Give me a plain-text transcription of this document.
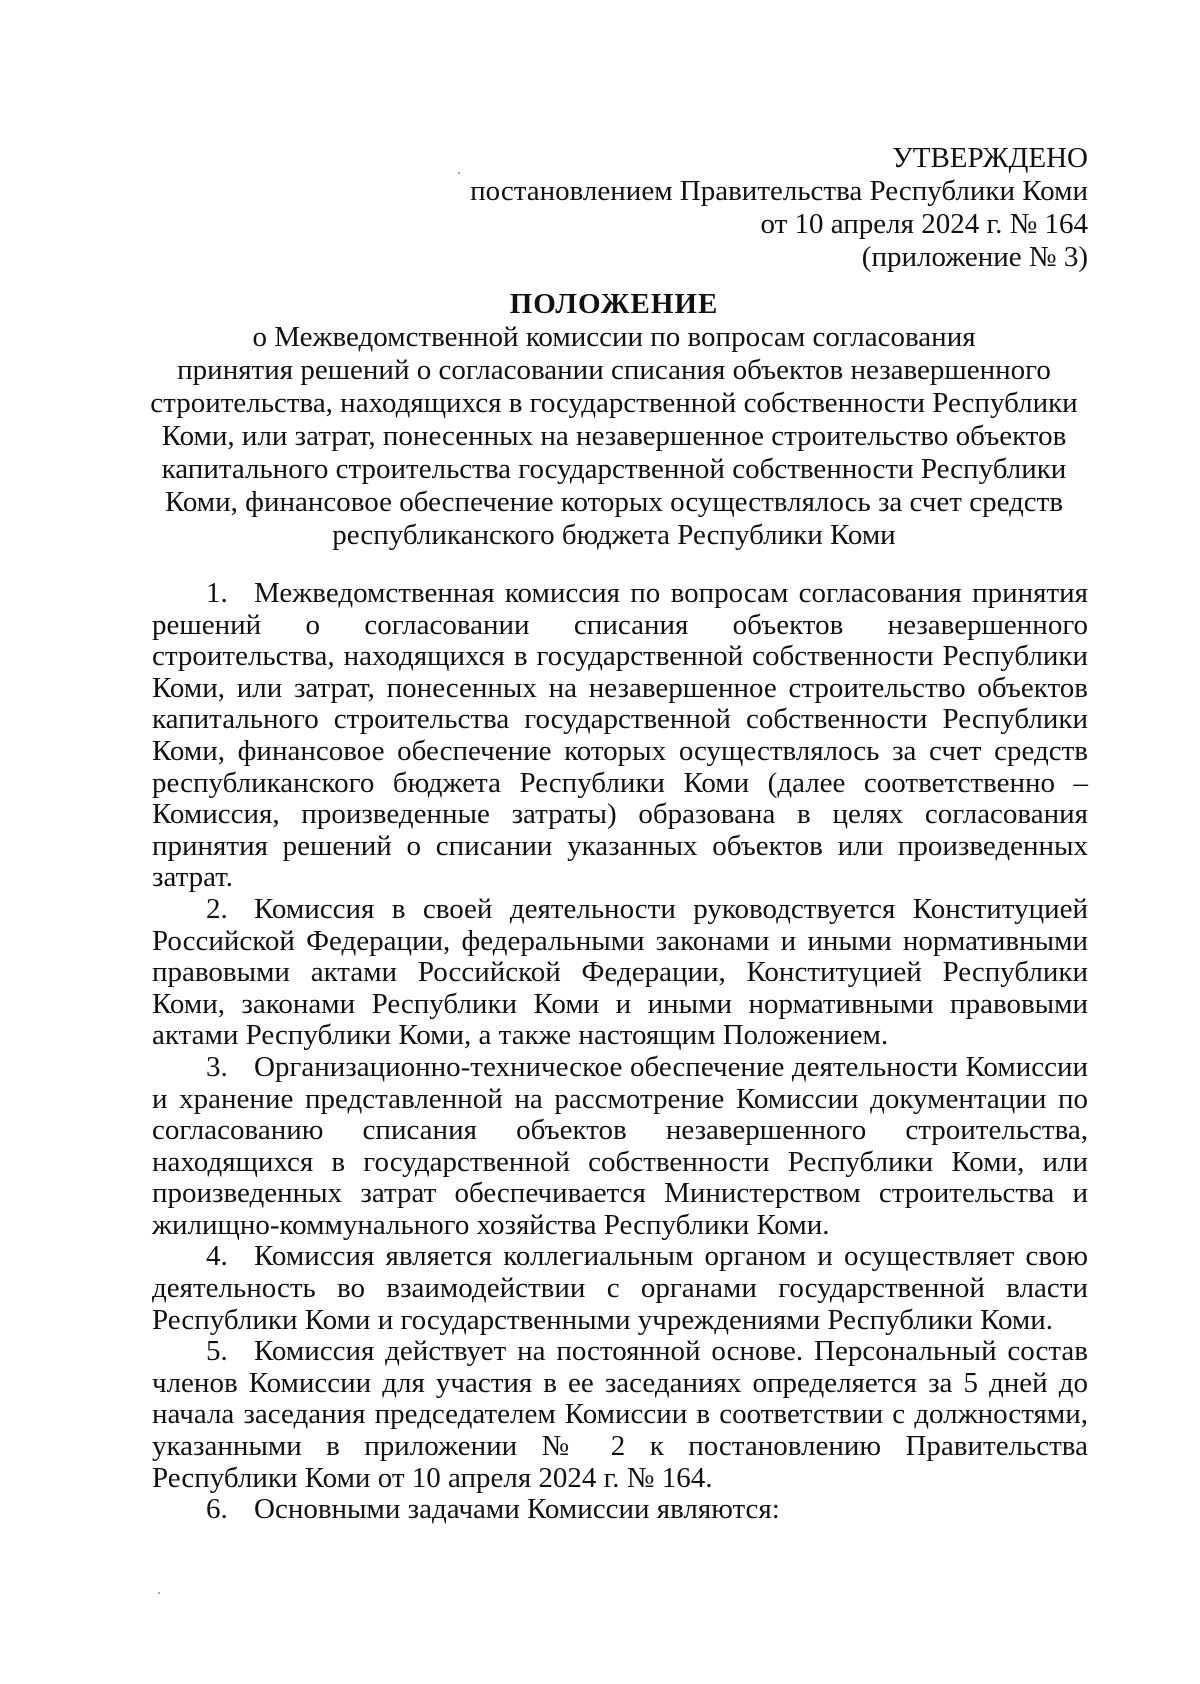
УТВЕРЖДЕНО
постановлением Правительства Республики Коми
от 10 апреля 2024 г. № 164
(приложение № 3)
ПОЛОЖЕНИЕ
о Межведомственной комиссии по вопросам согласования
принятия решений о согласовании списания объектов незавершенного
строительства, находящихся в государственной собственности Республики
Коми, или затрат, понесенных на незавершенное строительство объектов
капитального строительства государственной собственности Республики
Коми, финансовое обеспечение которых осуществлялось за счет средств
республиканского бюджета Республики Коми

1. Межведомственная комиссия по вопросам согласования принятия решений о согласовании списания объектов незавершенного строительства, находящихся в государственной собственности Республики Коми, или затрат, понесенных на незавершенное строительство объектов капитального строительства государственной собственности Республики Коми, финансовое обеспечение которых осуществлялось за счет средств республиканского бюджета Республики Коми (далее соответственно – Комиссия, произведенные затраты) образована в целях согласования принятия решений о списании указанных объектов или произведенных затрат.

2. Комиссия в своей деятельности руководствуется Конституцией Российской Федерации, федеральными законами и иными нормативными правовыми актами Российской Федерации, Конституцией Республики Коми, законами Республики Коми и иными нормативными правовыми актами Республики Коми, а также настоящим Положением.

3. Организационно-техническое обеспечение деятельности Комиссии и хранение представленной на рассмотрение Комиссии документации по согласованию списания объектов незавершенного строительства, находящихся в государственной собственности Республики Коми, или произведенных затрат обеспечивается Министерством строительства и жилищно-коммунального хозяйства Республики Коми.

4. Комиссия является коллегиальным органом и осуществляет свою деятельность во взаимодействии с органами государственной власти Республики Коми и государственными учреждениями Республики Коми.

5. Комиссия действует на постоянной основе. Персональный состав членов Комиссии для участия в ее заседаниях определяется за 5 дней до начала заседания председателем Комиссии в соответствии с должностями, указанными в приложении № 2 к постановлению Правительства Республики Коми от 10 апреля 2024 г. № 164.

6. Основными задачами Комиссии являются:
